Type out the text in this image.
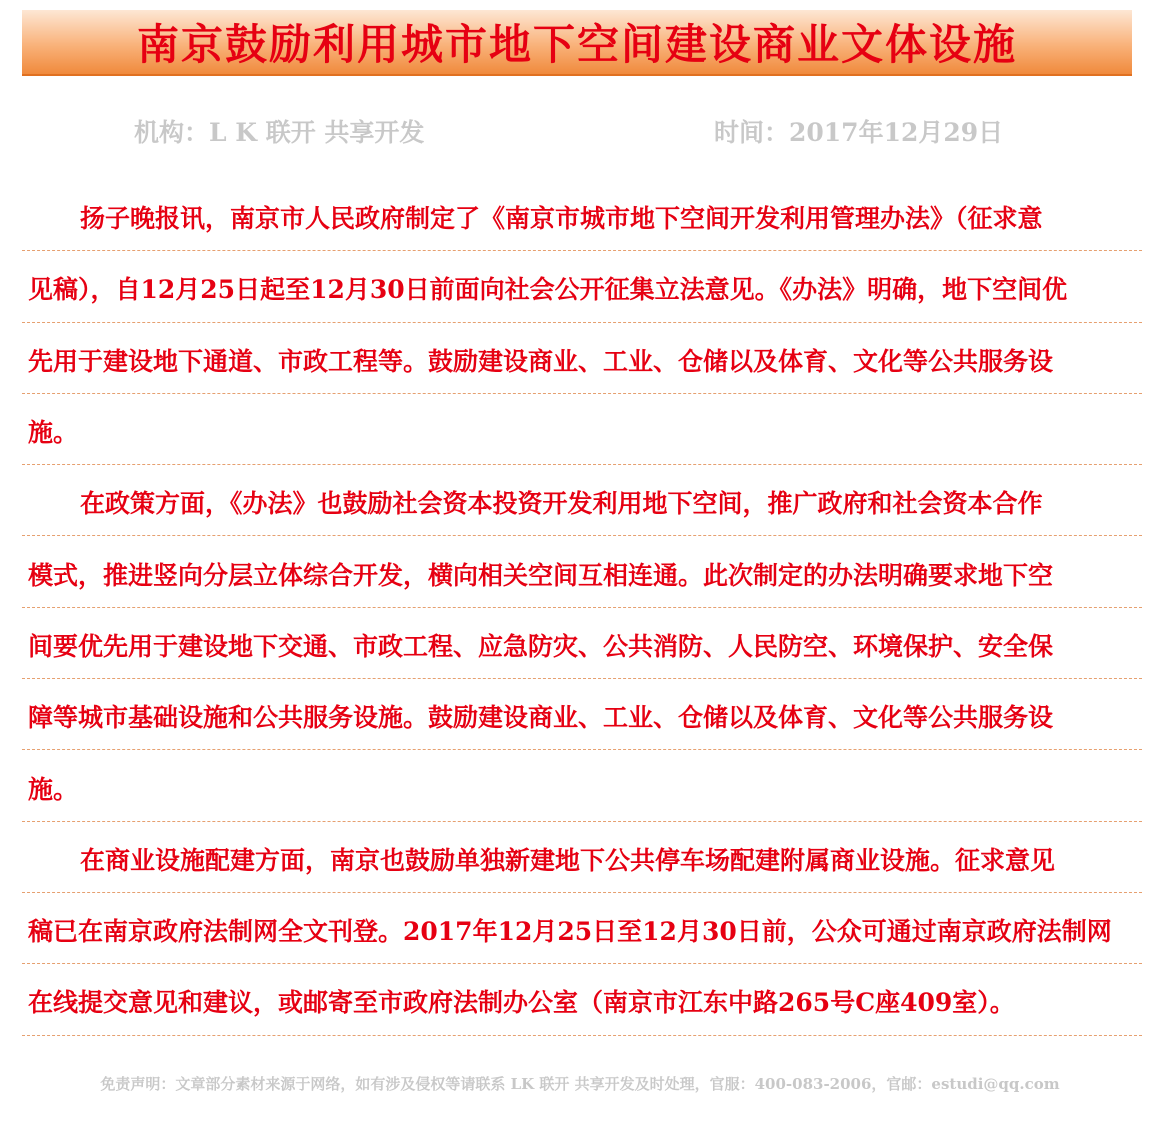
南京鼓励利用城市地下空间建设商业文体设施
机构：L K 联开 共享开发	时间：2017年12月29日
扬子晚报讯，南京市人民政府制定了《南京市城市地下空间开发利用管理办法》（征求意
见稿），自12月25日起至12月30日前面向社会公开征集立法意见。《办法》明确，地下空间优
先用于建设地下通道、市政工程等。鼓励建设商业、工业、仓储以及体育、文化等公共服务设
施。
在政策方面，《办法》也鼓励社会资本投资开发利用地下空间，推广政府和社会资本合作
模式，推进竖向分层立体综合开发，横向相关空间互相连通。此次制定的办法明确要求地下空
间要优先用于建设地下交通、市政工程、应急防灾、公共消防、人民防空、环境保护、安全保
障等城市基础设施和公共服务设施。鼓励建设商业、工业、仓储以及体育、文化等公共服务设
施。
在商业设施配建方面，南京也鼓励单独新建地下公共停车场配建附属商业设施。征求意见
稿已在南京政府法制网全文刊登。2017年12月25日至12月30日前，公众可通过南京政府法制网
在线提交意见和建议，或邮寄至市政府法制办公室（南京市江东中路265号C座409室）。
免责声明：文章部分素材来源于网络，如有涉及侵权等请联系 LK 联开 共享开发及时处理，官服：400-083-2006，官邮：estudi@qq.com
